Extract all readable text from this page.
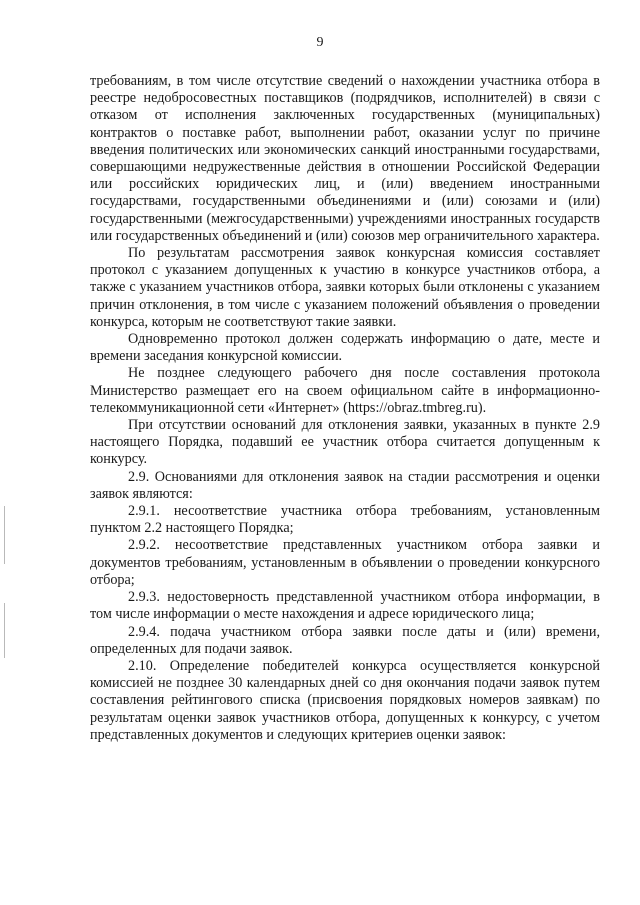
9

требованиям, в том числе отсутствие сведений о нахождении участника отбора в реестре недобросовестных поставщиков (подрядчиков, исполнителей) в связи с отказом от исполнения заключенных государственных (муниципальных) контрактов о поставке работ, выполнении работ, оказании услуг по причине введения политических или экономических санкций иностранными государствами, совершающими недружественные действия в отношении Российской Федерации или российских юридических лиц, и (или) введением иностранными государствами, государственными объединениями и (или) союзами и (или) государственными (межгосударственными) учреждениями иностранных государств или государственных объединений и (или) союзов мер ограничительного характера.

По результатам рассмотрения заявок конкурсная комиссия составляет протокол с указанием допущенных к участию в конкурсе участников отбора, а также с указанием участников отбора, заявки которых были отклонены с указанием причин отклонения, в том числе с указанием положений объявления о проведении конкурса, которым не соответствуют такие заявки.

Одновременно протокол должен содержать информацию о дате, месте и времени заседания конкурсной комиссии.

Не позднее следующего рабочего дня после составления протокола Министерство размещает его на своем официальном сайте в информационно-телекоммуникационной сети «Интернет» (https://obraz.tmbreg.ru).

При отсутствии оснований для отклонения заявки, указанных в пункте 2.9 настоящего Порядка, подавший ее участник отбора считается допущенным к конкурсу.

2.9. Основаниями для отклонения заявок на стадии рассмотрения и оценки заявок являются:

2.9.1. несоответствие участника отбора требованиям, установленным пунктом 2.2 настоящего Порядка;

2.9.2. несоответствие представленных участником отбора заявки и документов требованиям, установленным в объявлении о проведении конкурсного отбора;

2.9.3. недостоверность представленной участником отбора информации, в том числе информации о месте нахождения и адресе юридического лица;

2.9.4. подача участником отбора заявки после даты и (или) времени, определенных для подачи заявок.

2.10. Определение победителей конкурса осуществляется конкурсной комиссией не позднее 30 календарных дней со дня окончания подачи заявок путем составления рейтингового списка (присвоения порядковых номеров заявкам) по результатам оценки заявок участников отбора, допущенных к конкурсу, с учетом представленных документов и следующих критериев оценки заявок:
